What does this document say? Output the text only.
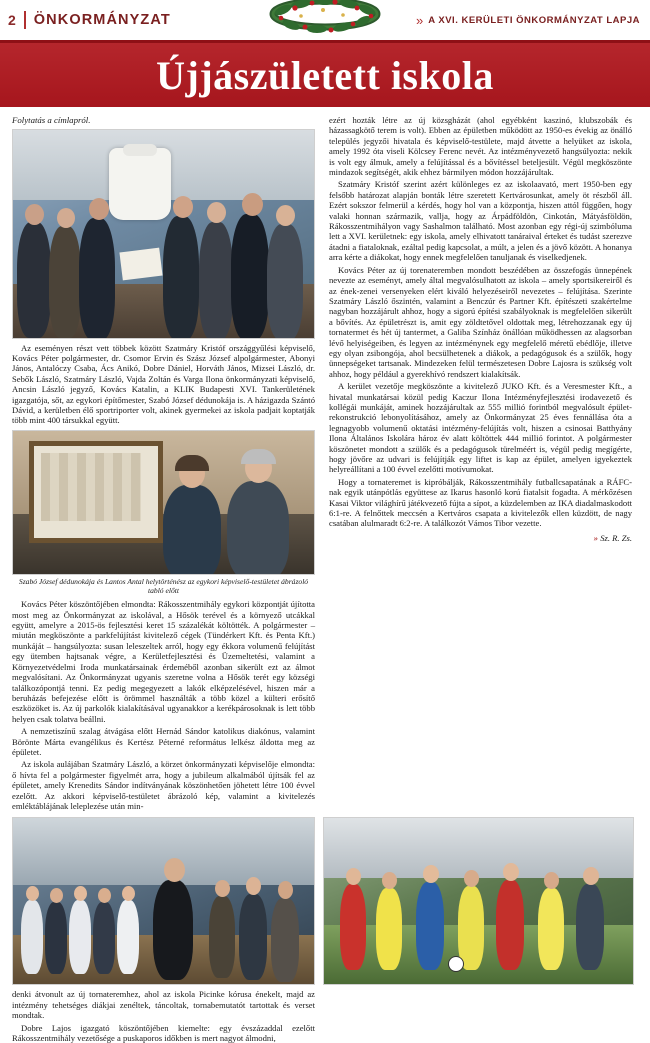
2 ÖNKORMÁNYZAT	» A XVI. KERÜLETI ÖNKORMÁNYZAT LAPJA
Újjászületett iskola

Folytatás a címlapról.

Az eseményen részt vett többek között Szatmáry Kristóf országgyűlési képviselő, Kovács Péter polgármester, dr. Csomor Ervin és Szász József alpolgármester, Abonyi János, Antalóczy Csaba, Ács Anikó, Dobre Dániel, Horváth János, Mizsei László, dr. Sebők László, Szatmáry László, Vajda Zoltán és Varga Ilona önkormányzati képviselő, Ancsin László jegyző, Kovács Katalin, a KLIK Budapesti XVI. Tankerületének igazgatója, sőt, az egykori építőmester, Szabó József dédunokája is. A házigazda Szántó Dávid, a kerületben élő sportriporter volt, akinek gyermekei az iskola padjait koptatják több mint 400 társukkal együtt.

Szabó József dédunokája és Lantos Antal helytörténész az egykori képviselő-testületet ábrázoló tabló előtt

Kovács Péter köszöntőjében elmondta: Rákosszentmihály egykori központját újította most meg az Önkormányzat az iskolával, a Hősök terével és a környező utcákkal együtt, amelyre a 2015-ös fejlesztési keret 15 százalékát költötték. A polgármester – miután megköszönte a parkfelújítást kivitelező cégek (Tündérkert Kft. és Penta Kft.) munkáját – hangsúlyozta: susan leleszeltek arról, hogy egy ékkora volumenű felújítást egy ütemben hajtsanak végre, a Kerületfejlesztési és Üzemeltetési, valamint a Környezetvédelmi Iroda munkatársainak érdeméből azonban sikerült ezt az álmot megvalósítani. Az Önkormányzat ugyanis szeretne volna a Hősök terét egy községi találkozópontjá tenni. Ez pedig megegyezett a lakók elképzelésével, hiszen már a beruházás befejezése előtt is örömmel használták a több közel a külteri erősítő eszközöket is. Az új parkolók kialakításával ugyanakkor a kerékpárosoknak is lett több helyen csak tolatva beállni.

A nemzetiszínű szalag átvágása előtt Hernád Sándor katolikus diakónus, valamint Börönte Márta evangélikus és Kertész Péterné református lelkész áldotta meg az épületet.

Az iskola aulájában Szatmáry László, a körzet önkormányzati képviselője elmondta: ő hívta fel a polgármester figyelmét arra, hogy a jubileum alkalmából újítsák fel az épületet, amely Krenedits Sándor indítványának köszönhetően jöhetett létre 100 évvel ezelőtt. Az akkori képviselő-testületet ábrázoló kép, valamint a kivitelezés emléktáblájának leleplezése után min-

ezért hozták létre az új közsgházát (ahol egyébként kaszinó, klubszobák és házassagkötő terem is volt). Ebben az épületben működött az 1950-es évekig az önálló település jegyzői hivatala és képviselő-testülete, majd átvette a helyüket az iskola, amely 1992 óta viseli Kölcsey Ferenc nevét. Az intézményvezető hangsúlyozta: nekik is volt egy álmuk, amely a felújítással és a bővítéssel beteljesült. Végül megköszönte mindazok segítségét, akik ehhez bármilyen módon hozzájárultak.

Szatmáry Kristóf szerint azért különleges ez az iskolaavató, mert 1950-ben egy felsőbb határozat alapján bonták létre szeretett Kertvárosunkat, amely öt részből áll. Ezért sokszor felmerül a kérdés, hogy hol van a központja, hiszen attól függően, hogy valaki honnan származik, vallja, hogy az Árpádföldön, Cinkotán, Mátyásföldön, Rákosszentmihályon vagy Sashalmon található. Most azonban egy régi-új szimbóluma lett a XVI. kerületnek: egy iskola, amely elhivatott tanáraival érteket és tudást szerezve átadni a fiataloknak, ezáltal pedig kapcsolat, a múlt, a jelen és a jövő között. A honanya arra kérte a diákokat, hogy ennek megfelelően tanuljanak és viselkedjenek.

Kovács Péter az új torenateremben mondott beszédében az összefogás ünnepének nevezte az eseményt, amely által megvalósulhatott az iskola – amely sportsikereiről és az ének-zenei versenyeken elért kiváló helyezéseiről nevezetes – felújítása. Szerinte Szatmáry László őszintén, valamint a Benczúr és Partner Kft. építészeti szakértelme nagyban hozzájárult ahhoz, hogy a sigorú építési szabályoknak is megfelelően sikerült a bővítés. Az épületrészt is, amit egy zöldtetővel oldottak meg, létrehozzanak egy új tornatermet és hét új tantermet, a Galiba Színház önállóan működhessen az alagsorban lévő helyiségeiben, és legyen az intézménynek egy megfelelő méretű ebédlője, illetve egy olyan zsibongója, ahol becsülhetenek a diákok, a pedagógusok és a szülők, hogy ünnepségeket tartsanak. Mindezeken felül természetesen Dobre Lajosra is szükség volt ahhoz, hogy például a gyerekhívó rendszert kialakítsák.

A kerület vezetője megköszönte a kivitelező JUKO Kft. és a Veresmester Kft., a hivatal munkatársai közül pedig Kaczur Ilona Intézményfejlesztési irodavezető és kollégái munkáját, aminek hozzájárultak az 555 millió forintból megvalósult épület-rekonstrukció lebonyolításához, amely az Önkormányzat 25 éves fennállása óta a legnagyobb volumenű oktatási intézmény-felújítás volt, hiszen a csinosai Batthyány Ilona Általános Iskolára hároz év alatt költöttek 444 millió forintot. A polgármester köszönetet mondott a szülők és a pedagógusok türelméért is, végül pedig megígérte, hogy jövőre az udvari is felújítják egy liftet is kap az épület, amelyen igyekeztek helyreállítani a 100 évvel ezelőtti motívumokat.

Hogy a tornateremet is kipróbálják, Rákosszentmihály futballcsapatának a RÁFC-nak egyik utánpótlás együttese az Ikarus hasonló korú fiatalsit fogadta. A mérkőzésen Kasai Viktor világhírű játékvezető fújta a sípot, a küzdelemben az IKA diadalmaskodott 6:1-re. A felnőttek meccsén a Kertváros csapata a kivitelezők ellen küzdött, de nagy csatában alulmaradt 6:2-re. A találkozót Vámos Tibor vezette.

» Sz. R. Zs.

denki átvonult az új tornateremhez, ahol az iskola Picinke kórusa énekelt, majd az intézmény tehetséges diákjai zenéltek, táncoltak, tornabemutatót tartottak és verset mondtak.

Dobre Lajos igazgató köszöntőjében kiemelte: egy évszázaddal ezelőtt Rákosszentmihály vezetősége a puskaporos időkben is mert nagyot álmodni,
